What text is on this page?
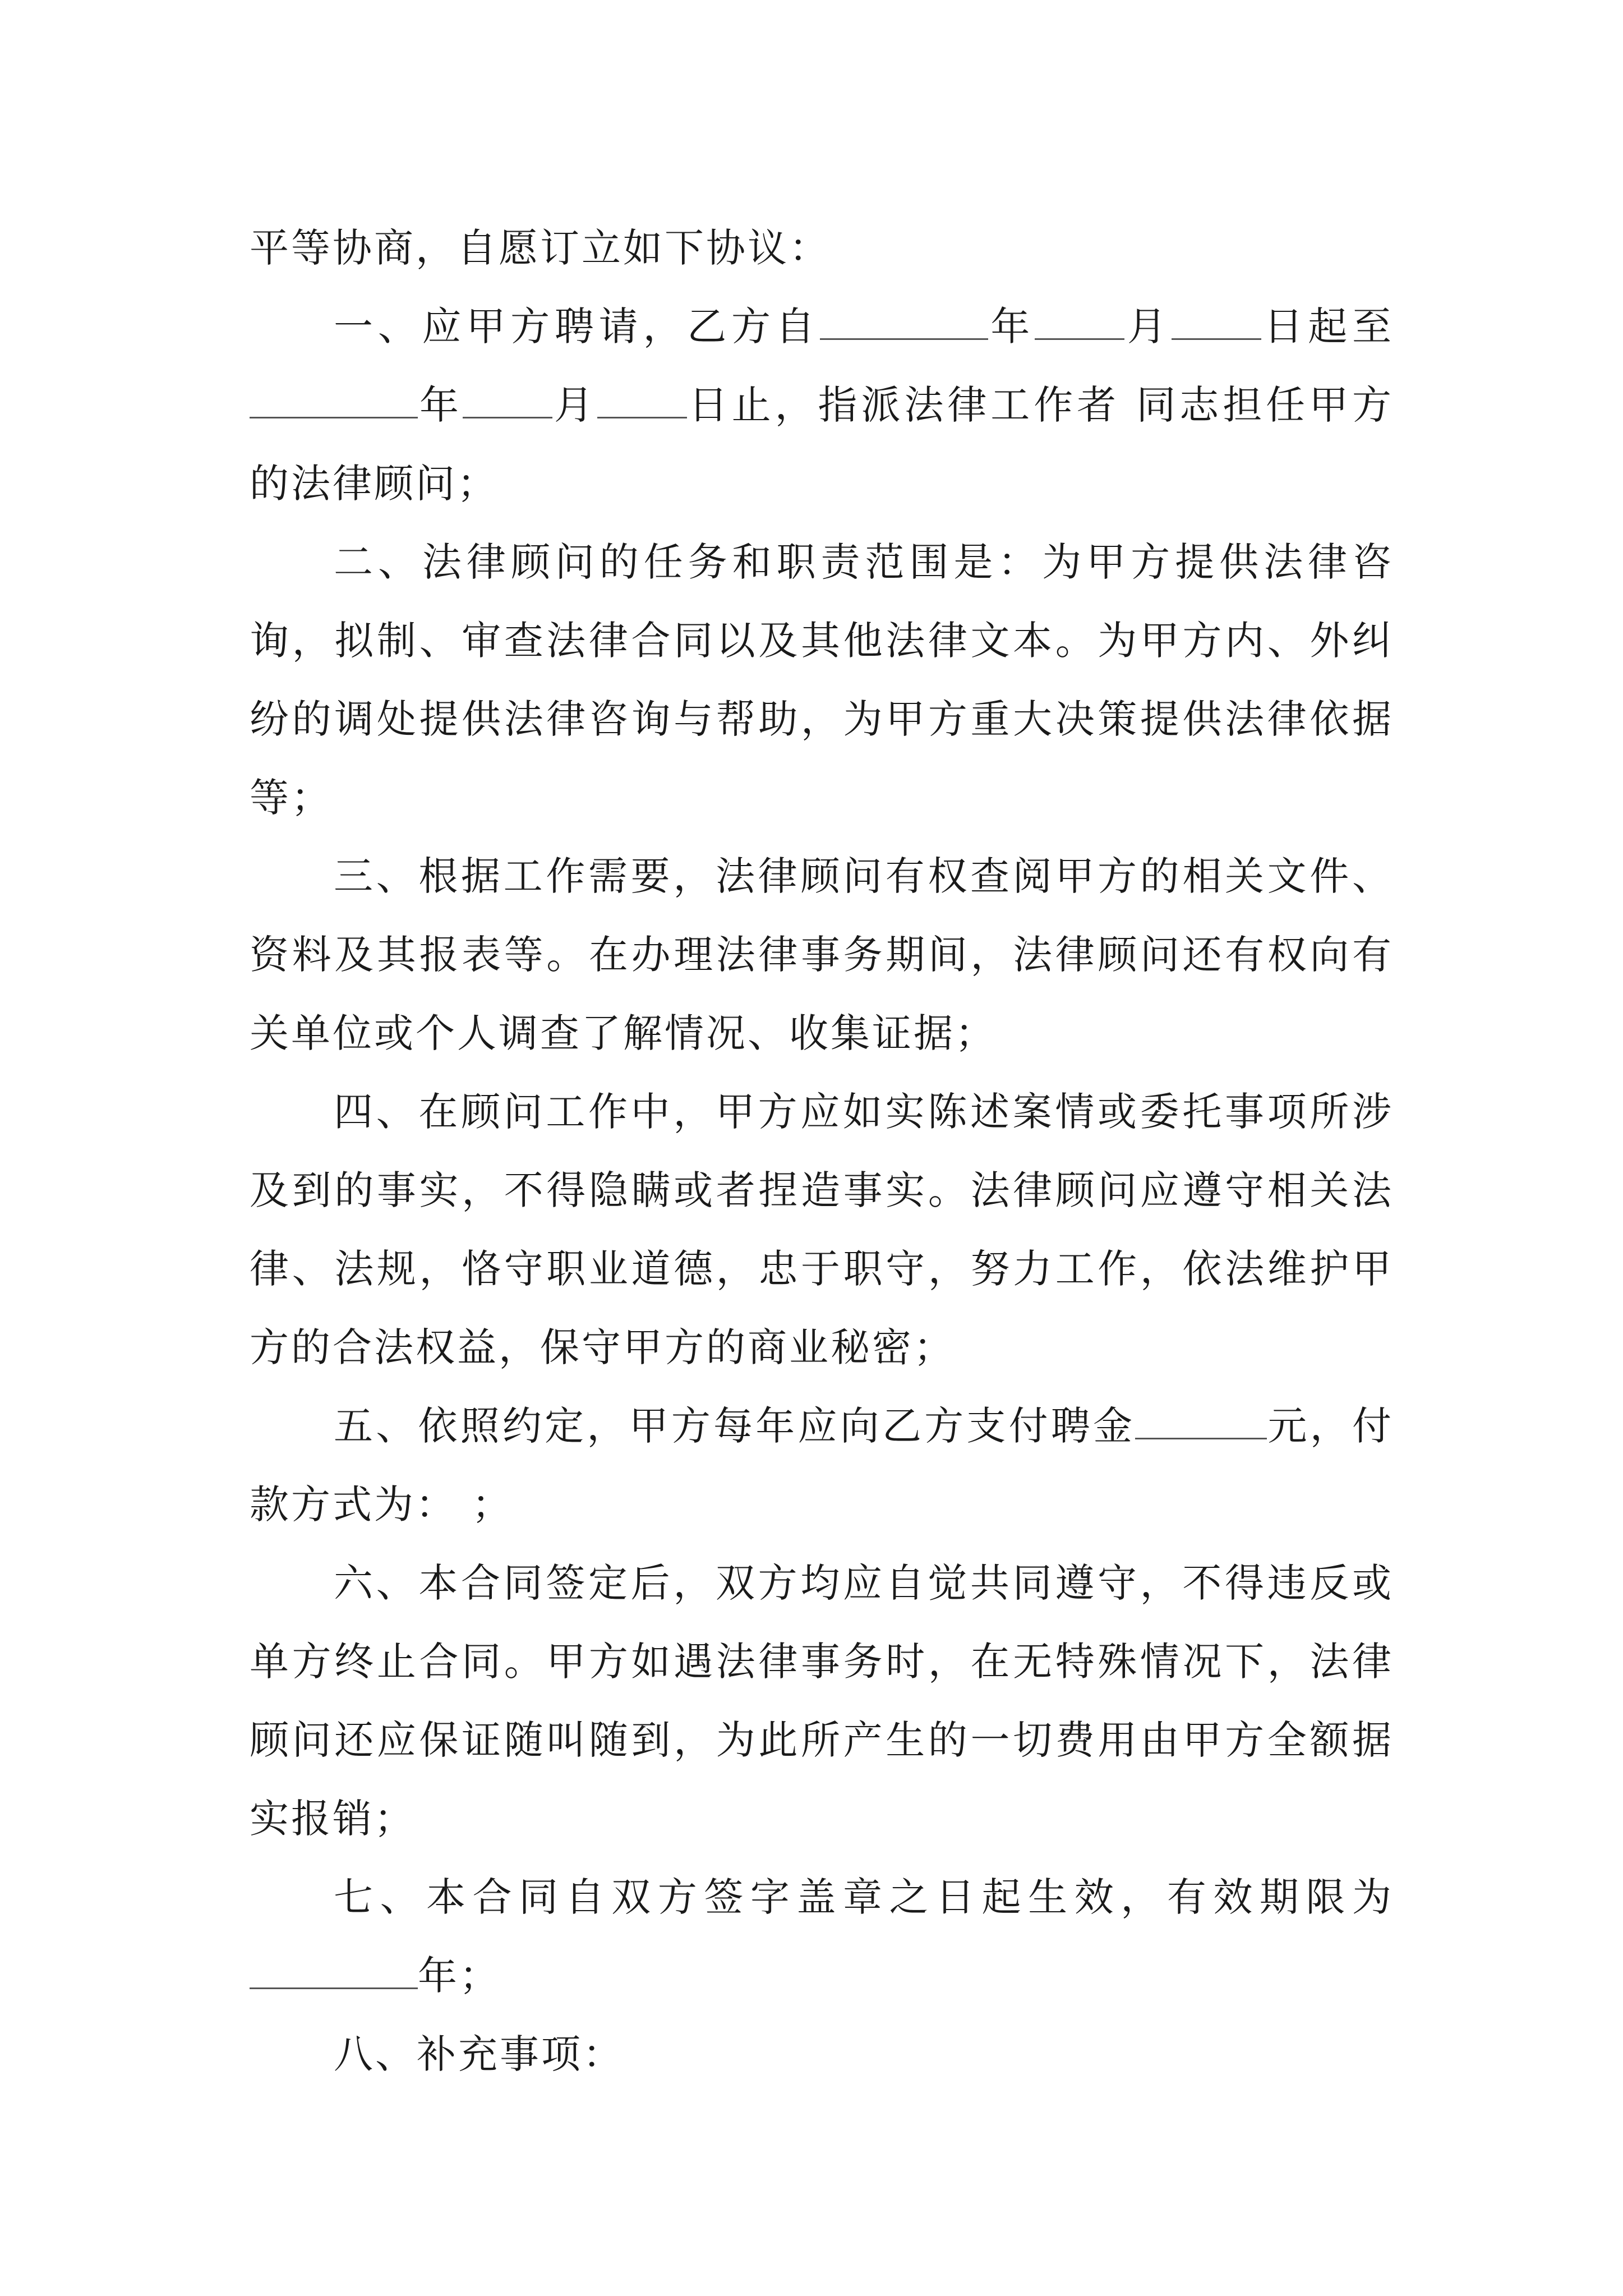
平等协商，自愿订立如下协议：

一、应甲方聘请，乙方自	年 月 日起至年 月 日止，指派法律工作者 同志担任甲方的法律顾问；

二、法律顾问的任务和职责范围是：为甲方提供法律咨询，拟制、审查法律合同以及其他法律文本。为甲方内、外纠纷的调处提供法律咨询与帮助，为甲方重大决策提供法律依据等；

三、根据工作需要，法律顾问有权查阅甲方的相关文件、资料及其报表等。在办理法律事务期间，法律顾问还有权向有关单位或个人调查了解情况、收集证据；

四、在顾问工作中，甲方应如实陈述案情或委托事项所涉及到的事实，不得隐瞒或者捏造事实。法律顾问应遵守相关法律、法规，恪守职业道德，忠于职守，努力工作，依法维护甲方的合法权益，保守甲方的商业秘密；

五、依照约定，甲方每年应向乙方支付聘金	元，付款方式为： ；

六、本合同签定后，双方均应自觉共同遵守，不得违反或单方终止合同。甲方如遇法律事务时，在无特殊情况下，法律顾问还应保证随叫随到，为此所产生的一切费用由甲方全额据实报销；

七、本合同自双方签字盖章之日起生效，有效期限为年；

八、补充事项：
